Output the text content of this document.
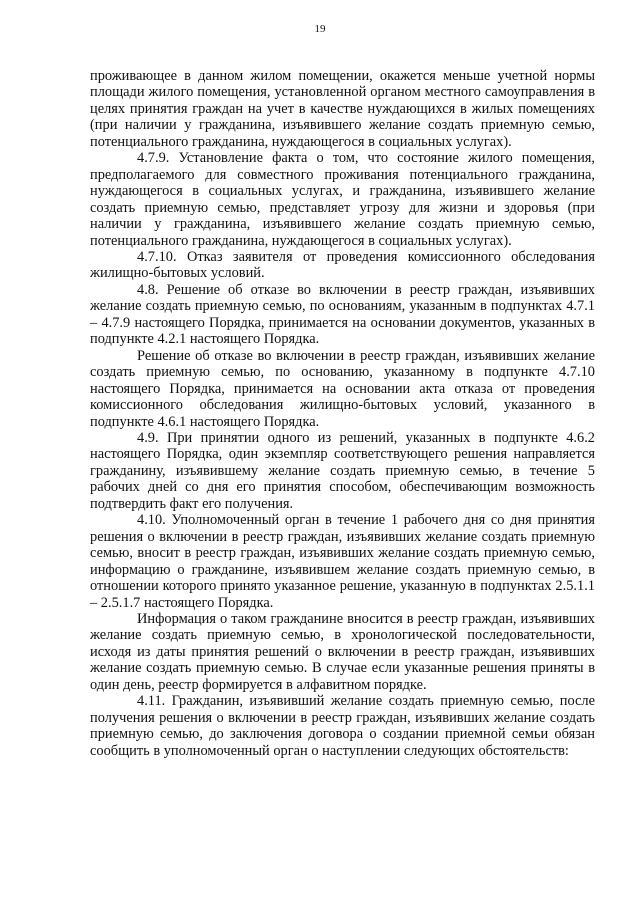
19

проживающее в данном жилом помещении, окажется меньше учетной нормы площади жилого помещения, установленной органом местного самоуправления в целях принятия граждан на учет в качестве нуждающихся в жилых помещениях (при наличии у гражданина, изъявившего желание создать приемную семью, потенциального гражданина, нуждающегося в социальных услугах).

4.7.9. Установление факта о том, что состояние жилого помещения, предполагаемого для совместного проживания потенциального гражданина, нуждающегося в социальных услугах, и гражданина, изъявившего желание создать приемную семью, представляет угрозу для жизни и здоровья (при наличии у гражданина, изъявившего желание создать приемную семью, потенциального гражданина, нуждающегося в социальных услугах).

4.7.10. Отказ заявителя от проведения комиссионного обследования жилищно-бытовых условий.

4.8. Решение об отказе во включении в реестр граждан, изъявивших желание создать приемную семью, по основаниям, указанным в подпунктах 4.7.1 – 4.7.9 настоящего Порядка, принимается на основании документов, указанных в подпункте 4.2.1 настоящего Порядка.

Решение об отказе во включении в реестр граждан, изъявивших желание создать приемную семью, по основанию, указанному в подпункте 4.7.10 настоящего Порядка, принимается на основании акта отказа от проведения комиссионного обследования жилищно-бытовых условий, указанного в подпункте 4.6.1 настоящего Порядка.

4.9. При принятии одного из решений, указанных в подпункте 4.6.2 настоящего Порядка, один экземпляр соответствующего решения направляется гражданину, изъявившему желание создать приемную семью, в течение 5 рабочих дней со дня его принятия способом, обеспечивающим возможность подтвердить факт его получения.

4.10. Уполномоченный орган в течение 1 рабочего дня со дня принятия решения о включении в реестр граждан, изъявивших желание создать приемную семью, вносит в реестр граждан, изъявивших желание создать приемную семью, информацию о гражданине, изъявившем желание создать приемную семью, в отношении которого принято указанное решение, указанную в подпунктах 2.5.1.1 – 2.5.1.7 настоящего Порядка.

Информация о таком гражданине вносится в реестр граждан, изъявивших желание создать приемную семью, в хронологической последовательности, исходя из даты принятия решений о включении в реестр граждан, изъявивших желание создать приемную семью. В случае если указанные решения приняты в один день, реестр формируется в алфавитном порядке.

4.11. Гражданин, изъявивший желание создать приемную семью, после получения решения о включении в реестр граждан, изъявивших желание создать приемную семью, до заключения договора о создании приемной семьи обязан сообщить в уполномоченный орган о наступлении следующих обстоятельств:
